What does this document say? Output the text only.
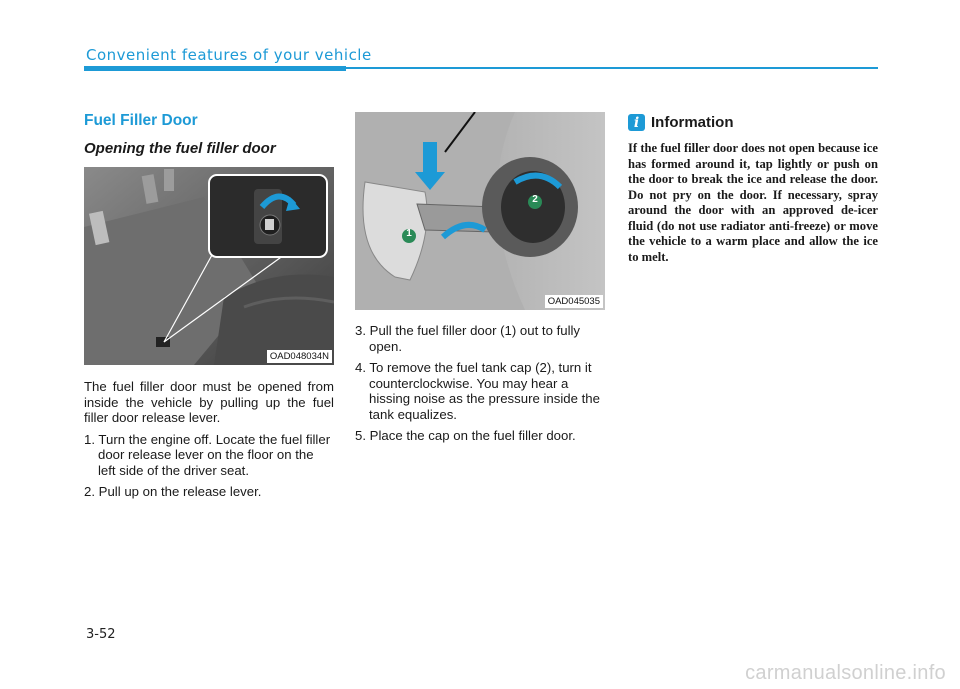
Convenient features of your vehicle
Fuel Filler Door
Opening the fuel filler door
OAD048034N

The fuel filler door must be opened from inside the vehicle by pulling up the fuel filler door release lever.

1. Turn the engine off. Locate the fuel filler door release lever on the floor on the left side of the driver seat.
2. Pull up on the release lever.
1
2
OAD045035
3. Pull the fuel filler door (1) out to fully open.
4. To remove the fuel tank cap (2), turn it counterclockwise. You may hear a hissing noise as the pressure inside the tank equalizes.
5. Place the cap on the fuel filler door.
i Information

If the fuel filler door does not open because ice has formed around it, tap lightly or push on the door to break the ice and release the door. Do not pry on the door. If necessary, spray around the door with an approved de-icer fluid (do not use radiator anti-freeze) or move the vehicle to a warm place and allow the ice to melt.

3-52
carmanualsonline.info
